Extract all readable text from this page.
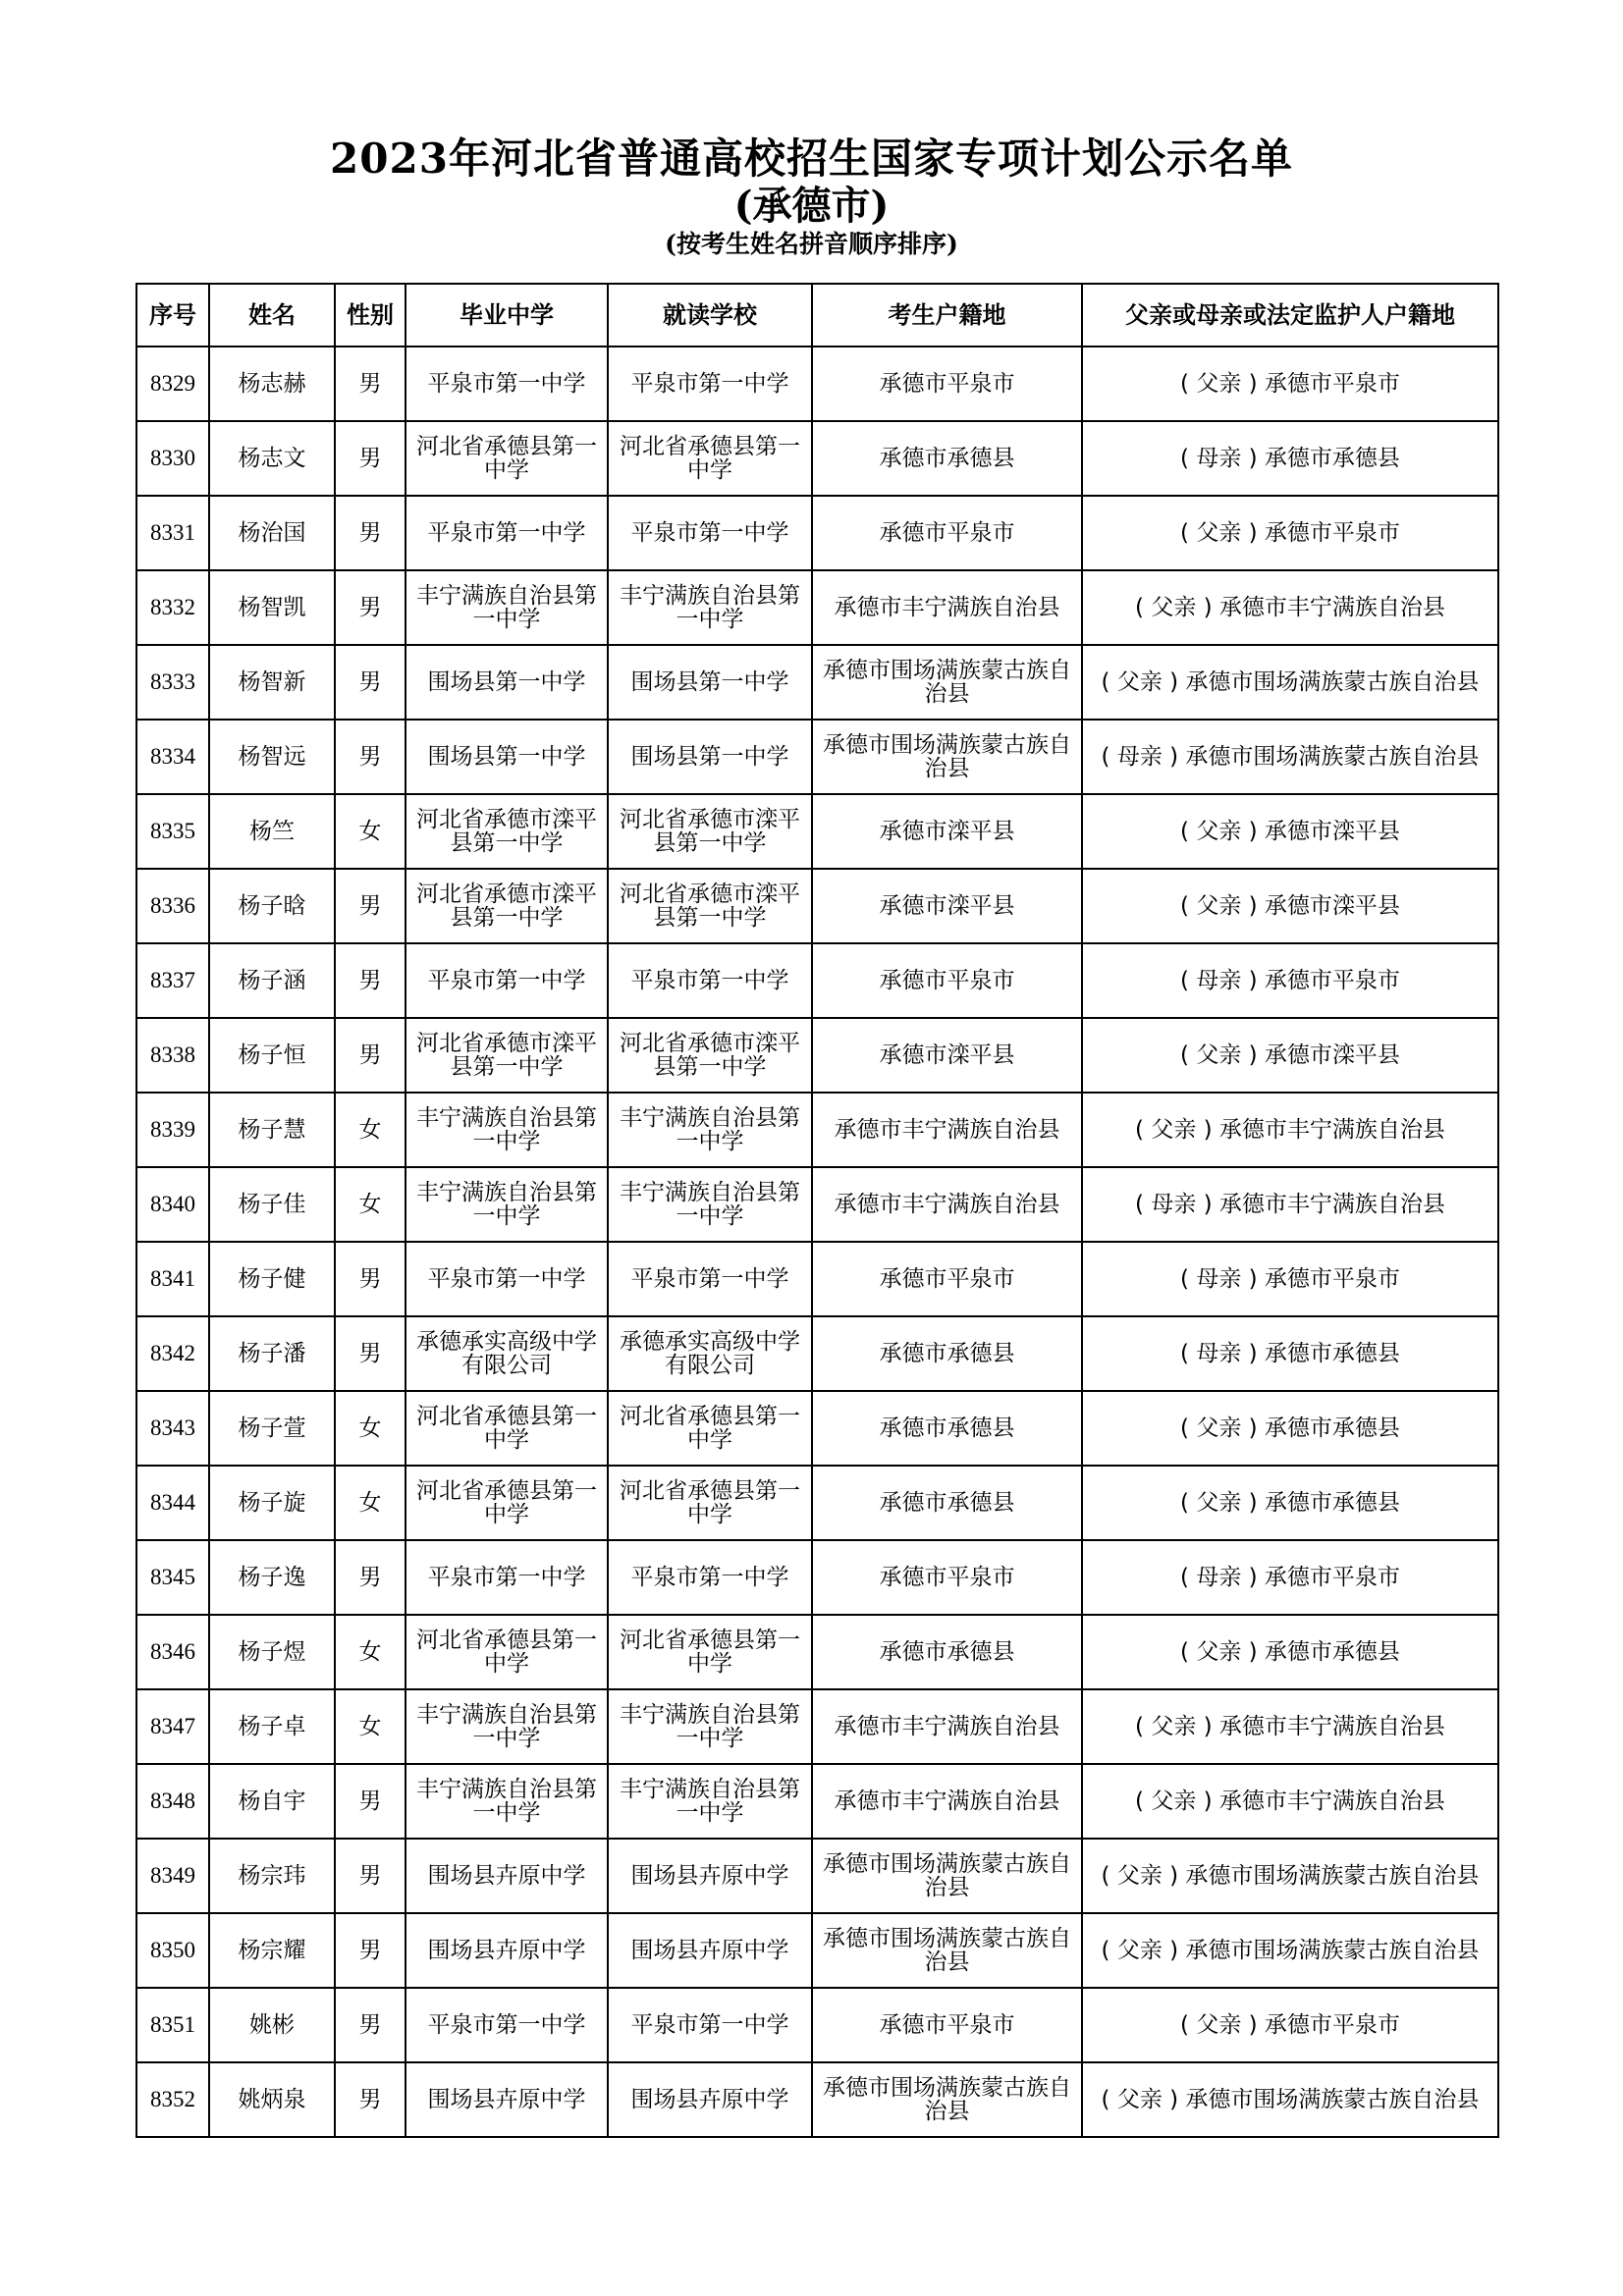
2023年河北省普通高校招生国家专项计划公示名单
(承德市)
(按考生姓名拼音顺序排序)
序号	姓名	性别	毕业中学	就读学校	考生户籍地	父亲或母亲或法定监护人户籍地
8329	杨志赫	男	平泉市第一中学	平泉市第一中学	承德市平泉市	( 父亲 ) 承德市平泉市
8330	杨志文	男	河北省承德县第一中学	河北省承德县第一中学	承德市承德县	( 母亲 ) 承德市承德县
8331	杨治国	男	平泉市第一中学	平泉市第一中学	承德市平泉市	( 父亲 ) 承德市平泉市
8332	杨智凯	男	丰宁满族自治县第一中学	丰宁满族自治县第一中学	承德市丰宁满族自治县	( 父亲 ) 承德市丰宁满族自治县
8333	杨智新	男	围场县第一中学	围场县第一中学	承德市围场满族蒙古族自治县	( 父亲 ) 承德市围场满族蒙古族自治县
8334	杨智远	男	围场县第一中学	围场县第一中学	承德市围场满族蒙古族自治县	( 母亲 ) 承德市围场满族蒙古族自治县
8335	杨竺	女	河北省承德市滦平县第一中学	河北省承德市滦平县第一中学	承德市滦平县	( 父亲 ) 承德市滦平县
8336	杨子晗	男	河北省承德市滦平县第一中学	河北省承德市滦平县第一中学	承德市滦平县	( 父亲 ) 承德市滦平县
8337	杨子涵	男	平泉市第一中学	平泉市第一中学	承德市平泉市	( 母亲 ) 承德市平泉市
8338	杨子恒	男	河北省承德市滦平县第一中学	河北省承德市滦平县第一中学	承德市滦平县	( 父亲 ) 承德市滦平县
8339	杨子慧	女	丰宁满族自治县第一中学	丰宁满族自治县第一中学	承德市丰宁满族自治县	( 父亲 ) 承德市丰宁满族自治县
8340	杨子佳	女	丰宁满族自治县第一中学	丰宁满族自治县第一中学	承德市丰宁满族自治县	( 母亲 ) 承德市丰宁满族自治县
8341	杨子健	男	平泉市第一中学	平泉市第一中学	承德市平泉市	( 母亲 ) 承德市平泉市
8342	杨子潘	男	承德承实高级中学有限公司	承德承实高级中学有限公司	承德市承德县	( 母亲 ) 承德市承德县
8343	杨子萱	女	河北省承德县第一中学	河北省承德县第一中学	承德市承德县	( 父亲 ) 承德市承德县
8344	杨子旋	女	河北省承德县第一中学	河北省承德县第一中学	承德市承德县	( 父亲 ) 承德市承德县
8345	杨子逸	男	平泉市第一中学	平泉市第一中学	承德市平泉市	( 母亲 ) 承德市平泉市
8346	杨子煜	女	河北省承德县第一中学	河北省承德县第一中学	承德市承德县	( 父亲 ) 承德市承德县
8347	杨子卓	女	丰宁满族自治县第一中学	丰宁满族自治县第一中学	承德市丰宁满族自治县	( 父亲 ) 承德市丰宁满族自治县
8348	杨自宇	男	丰宁满族自治县第一中学	丰宁满族自治县第一中学	承德市丰宁满族自治县	( 父亲 ) 承德市丰宁满族自治县
8349	杨宗玮	男	围场县卉原中学	围场县卉原中学	承德市围场满族蒙古族自治县	( 父亲 ) 承德市围场满族蒙古族自治县
8350	杨宗耀	男	围场县卉原中学	围场县卉原中学	承德市围场满族蒙古族自治县	( 父亲 ) 承德市围场满族蒙古族自治县
8351	姚彬	男	平泉市第一中学	平泉市第一中学	承德市平泉市	( 父亲 ) 承德市平泉市
8352	姚炳泉	男	围场县卉原中学	围场县卉原中学	承德市围场满族蒙古族自治县	( 父亲 ) 承德市围场满族蒙古族自治县
